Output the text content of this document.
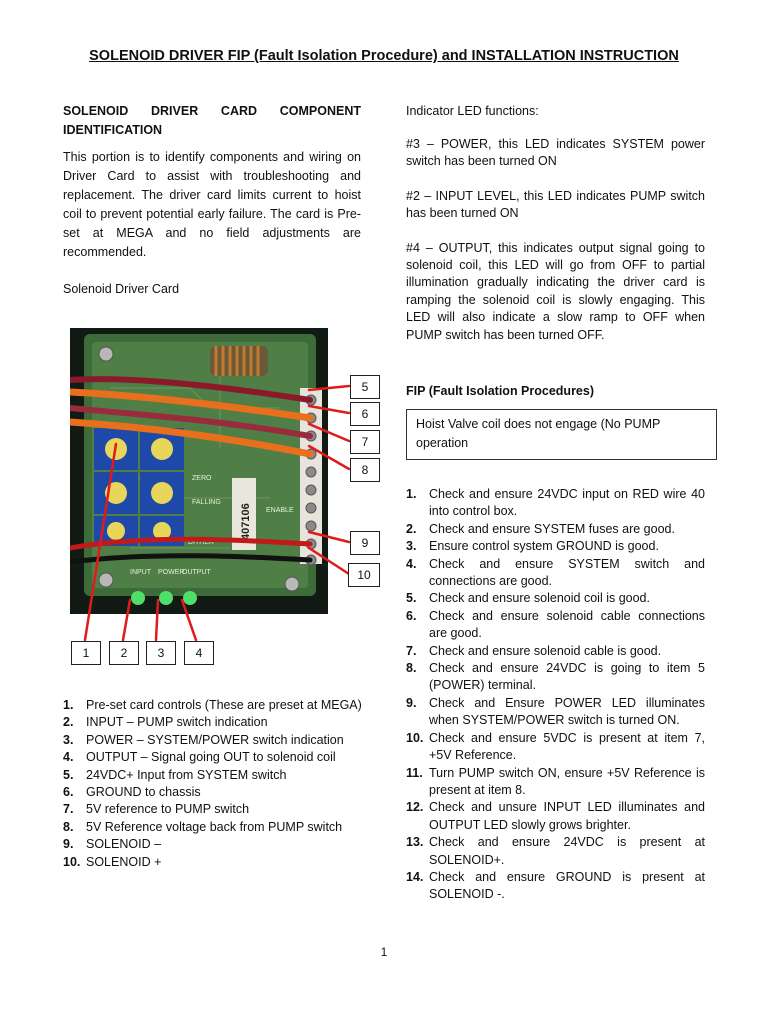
SOLENOID DRIVER FIP (Fault Isolation Procedure) and INSTALLATION INSTRUCTION

SOLENOID DRIVER CARD COMPONENT IDENTIFICATION

This portion is to identify components and wiring on Driver Card to assist with troubleshooting and replacement. The driver card limits current to hoist coil to prevent potential early failure. The card is Pre-set at MEGA and no field adjustments are recommended.

Solenoid Driver Card

407106
ZERO
FALLING
DITHER
INPUT POWER
OUTPUT
ENABLE
5
6
7
8
9
10
1	2	3	4
1. Pre-set card controls (These are preset at MEGA)
2. INPUT – PUMP switch indication
3. POWER – SYSTEM/POWER switch indication
4. OUTPUT – Signal going OUT to solenoid coil
5. 24VDC+ Input from SYSTEM switch
6. GROUND to chassis
7. 5V reference to PUMP switch
8. 5V Reference voltage back from PUMP switch
9. SOLENOID –
10. SOLENOID +

Indicator LED functions:

#3 – POWER, this LED indicates SYSTEM power switch has been turned ON

#2 – INPUT LEVEL, this LED indicates PUMP switch has been turned ON

#4 – OUTPUT, this indicates output signal going to solenoid coil, this LED will go from OFF to partial illumination gradually indicating the driver card is ramping the solenoid coil is slowly engaging. This LED will also indicate a slow ramp to OFF when PUMP switch has been turned OFF.

FIP (Fault Isolation Procedures)

Hoist Valve coil does not engage (No PUMP operation
1. Check and ensure 24VDC input on RED wire 40 into control box.
2. Check and ensure SYSTEM fuses are good.
3. Ensure control system GROUND is good.
4. Check and ensure SYSTEM switch and connections are good.
5. Check and ensure solenoid coil is good.
6. Check and ensure solenoid cable connections are good.
7. Check and ensure solenoid cable is good.
8. Check and ensure 24VDC is going to item 5 (POWER) terminal.
9. Check and Ensure POWER LED illuminates when SYSTEM/POWER switch is turned ON.
10. Check and ensure 5VDC is present at item 7, +5V Reference.
11. Turn PUMP switch ON, ensure +5V Reference is present at item 8.
12. Check and unsure INPUT LED illuminates and OUTPUT LED slowly grows brighter.
13. Check and ensure 24VDC is present at SOLENOID+.
14. Check and ensure GROUND is present at SOLENOID -.
1
